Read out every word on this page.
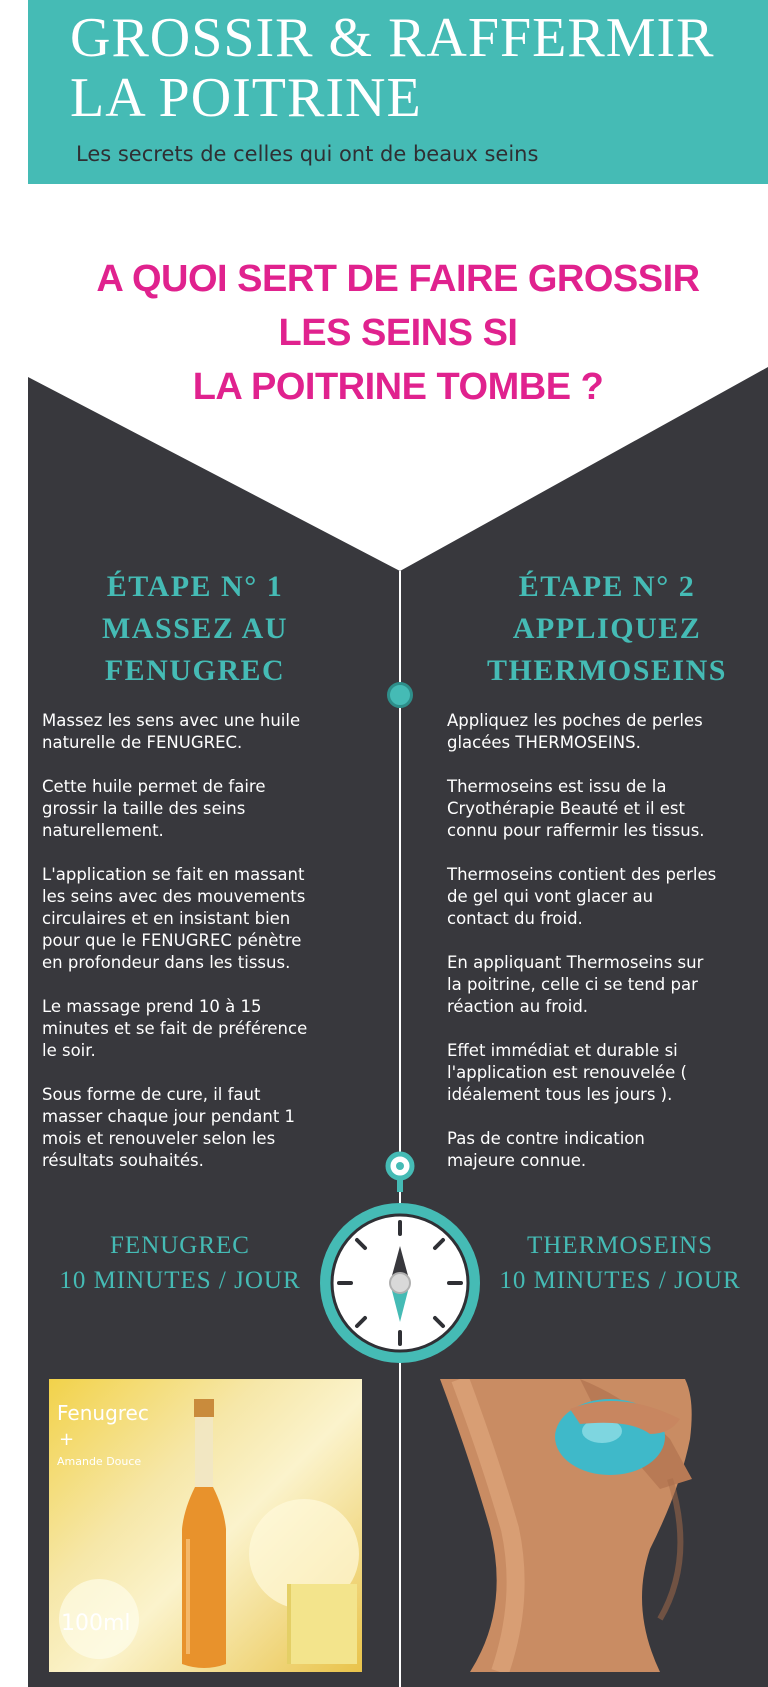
GROSSIR & RAFFERMIR
LA POITRINE
Les secrets de celles qui ont de beaux seins
A QUOI SERT DE FAIRE GROSSIR
LES SEINS SI
LA POITRINE TOMBE ?
ÉTAPE N° 1
MASSEZ AU
FENUGREC

Massez les sens avec une huile
naturelle de FENUGREC.

Cette huile permet de faire
grossir la taille des seins
naturellement.

L'application se fait en massant
les seins avec des mouvements
circulaires et en insistant bien
pour que le FENUGREC pénètre
en profondeur dans les tissus.

Le massage prend 10 à 15
minutes et se fait de préférence
le soir.

Sous forme de cure, il faut
masser chaque jour pendant 1
mois et renouveler selon les
résultats souhaités.

ÉTAPE N° 2
APPLIQUEZ
THERMOSEINS

Appliquez les poches de perles
glacées THERMOSEINS.

Thermoseins est issu de la
Cryothérapie Beauté et il est
connu pour raffermir les tissus.

Thermoseins contient des perles
de gel qui vont glacer au
contact du froid.

En appliquant Thermoseins sur
la poitrine, celle ci se tend par
réaction au froid.

Effet immédiat et durable si
l'application est renouvelée (
idéalement tous les jours ).

Pas de contre indication
majeure connue.

FENUGREC
10 MINUTES / JOUR
THERMOSEINS
10 MINUTES / JOUR
Fenugrec
+
Amande Douce
100ml
